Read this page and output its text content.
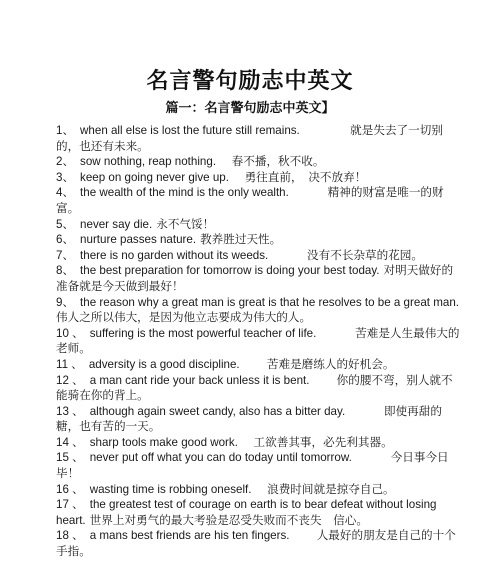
名言警句励志中英文
篇一：名言警句励志中英文】
1、 when all else is lost the future still remains.　　　　	就是失去了一切别的，也还有未来。
2、 sow nothing, reap nothing.　 春不播，秋不收。
3、 keep on going never give up.　 勇往直前，　决不放弃！
4、 the wealth of the mind is the only wealth.　　　	精神的财富是唯一的财富。
5、 never say die. 永不气馁！
6、 nurture passes nature. 教养胜过天性。
7、 there is no garden without its weeds.　　　	没有不长杂草的花园。
8、 the best preparation for tomorrow is doing your best today. 对明天做好的准备就是今天做到最好！
9、 the reason why a great man is great is that he resolves to be a great man.伟人之所以伟大，是因为他立志要成为伟大的人。
10 、 suffering is the most powerful teacher of life.　　　	苦难是人生最伟大的老师。
11 、 adversity is a good discipline.　　 苦难是磨练人的好机会。
12 、 a man cant ride your back unless it is bent.　　 你的腰不弯，别人就不能骑在你的背上。
13 、 although again sweet candy, also has a bitter day.　　　	即使再甜的糖，也有苦的一天。
14 、 sharp tools make good work.　 工欲善其事，必先利其器。
15 、 never put off what you can do today until tomorrow.　　　	今日事今日毕！
16 、 wasting time is robbing oneself.　 浪费时间就是掠夺自己。
17 、 the greatest test of courage on earth is to bear defeat without losing heart. 世界上对勇气的最大考验是忍受失败而不丧失　信心。
18 、 a mans best friends are his ten fingers.　　 人最好的朋友是自己的十个手指。
